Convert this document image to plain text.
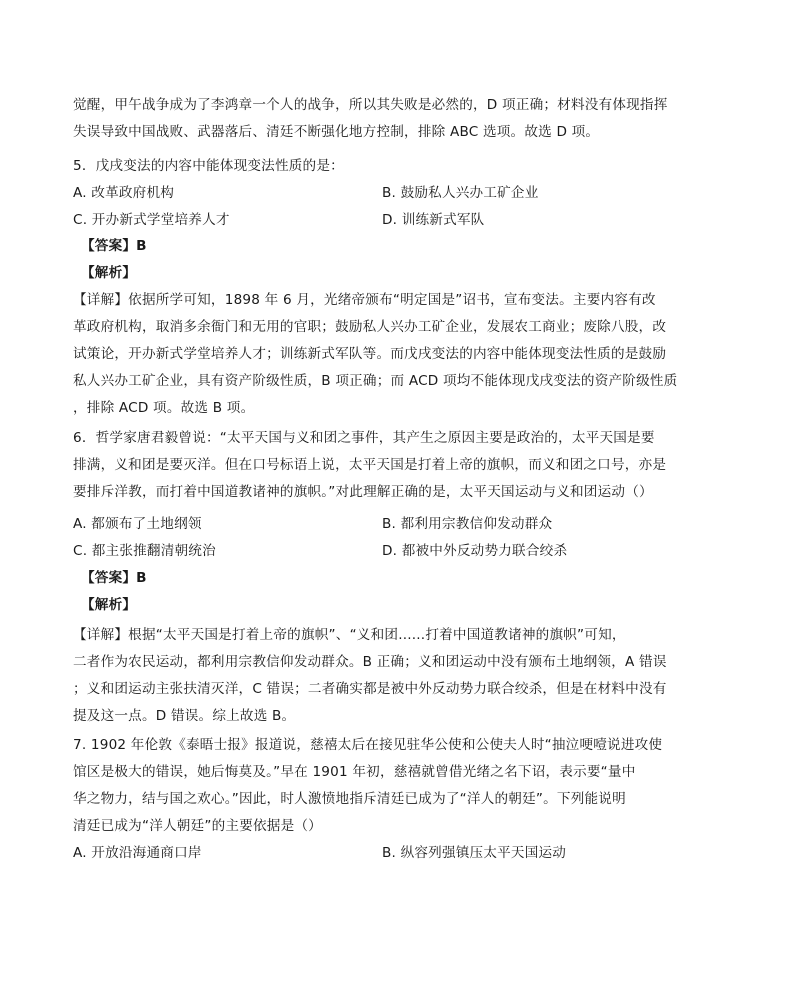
觉醒，甲午战争成为了李鸿章一个人的战争，所以其失败是必然的，D 项正确；材料没有体现指挥
失误导致中国战败、武器落后、清廷不断强化地方控制，排除 ABC 选项。故选 D 项。
5．戊戌变法的内容中能体现变法性质的是：
A. 改革政府机构	B. 鼓励私人兴办工矿企业
C. 开办新式学堂培养人才	D. 训练新式军队
【答案】B
【解析】
【详解】依据所学可知，1898 年 6 月，光绪帝颁布“明定国是”诏书，宣布变法。主要内容有改
革政府机构，取消多余衙门和无用的官职；鼓励私人兴办工矿企业，发展农工商业；废除八股，改
试策论，开办新式学堂培养人才；训练新式军队等。而戊戌变法的内容中能体现变法性质的是鼓励
私人兴办工矿企业，具有资产阶级性质，B 项正确；而 ACD 项均不能体现戊戌变法的资产阶级性质
，排除 ACD 项。故选 B 项。
6．哲学家唐君毅曾说：“太平天国与义和团之事件，其产生之原因主要是政治的，太平天国是要
排满，义和团是要灭洋。但在口号标语上说，太平天国是打着上帝的旗帜，而义和团之口号，亦是
要排斥洋教，而打着中国道教诸神的旗帜。”对此理解正确的是，太平天国运动与义和团运动（）
A. 都颁布了土地纲领	B. 都利用宗教信仰发动群众
C. 都主张推翻清朝统治	D. 都被中外反动势力联合绞杀
【答案】B
【解析】
【详解】根据“太平天国是打着上帝的旗帜”、“义和团......打着中国道教诸神的旗帜”可知，
二者作为农民运动，都利用宗教信仰发动群众。B 正确；义和团运动中没有颁布土地纲领，A 错误
；义和团运动主张扶清灭洋，C 错误；二者确实都是被中外反动势力联合绞杀，但是在材料中没有
提及这一点。D 错误。综上故选 B。
7. 1902 年伦敦《泰晤士报》报道说，慈禧太后在接见驻华公使和公使夫人时“抽泣哽噎说进攻使
馆区是极大的错误，她后悔莫及。”早在 1901 年初，慈禧就曾借光绪之名下诏，表示要“量中
华之物力，结与国之欢心。”因此，时人激愤地指斥清廷已成为了“洋人的朝廷”。下列能说明
清廷已成为“洋人朝廷”的主要依据是（）
A. 开放沿海通商口岸	B. 纵容列强镇压太平天国运动
